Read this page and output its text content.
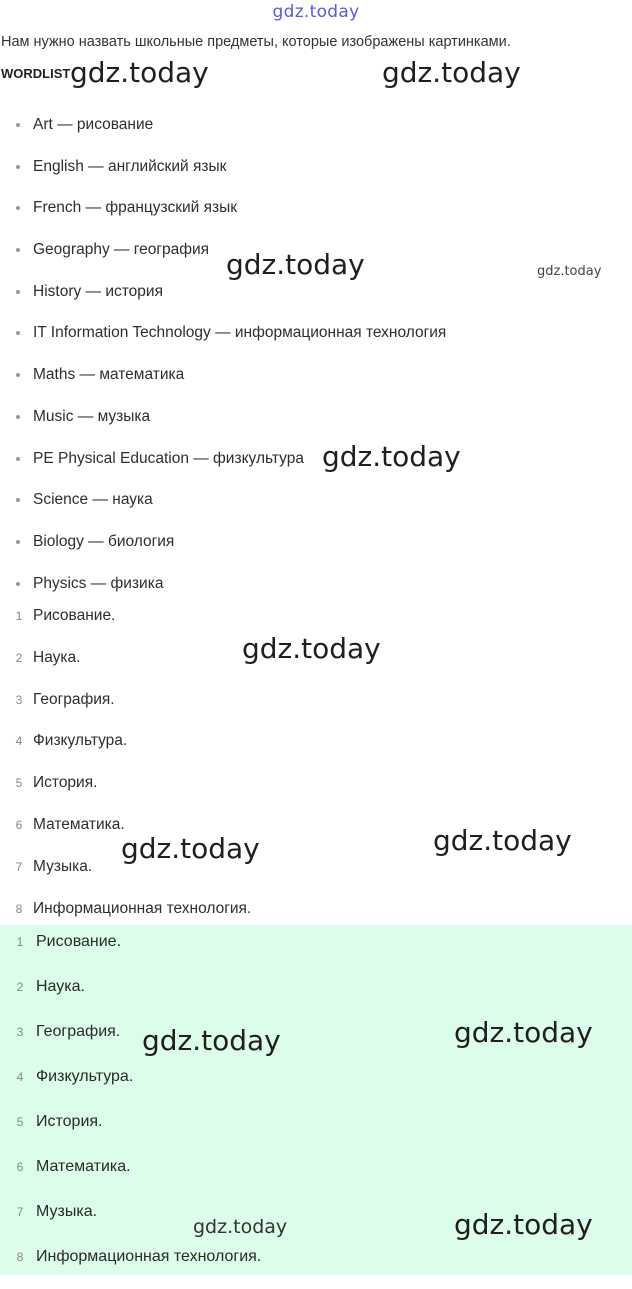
gdz.today
Нам нужно назвать школьные предметы, которые изображены картинками.
WORDLIST
Art — рисование
English — английский язык
French — французский язык
Geography — география
History — история
IT Information Technology — информационная технология
Maths — математика
Music — музыка
PE Physical Education — физкультура
Science — наука
Biology — биология
Physics — физика
1 Рисование.
2 Наука.
3 География.
4 Физкультура.
5 История.
6 Математика.
7 Музыка.
8 Информационная технология.
1 Рисование.
2 Наука.
3 География.
4 Физкультура.
5 История.
6 Математика.
7 Музыка.
8 Информационная технология.
gdz.today	gdz.today
gdz.today	gdz.today
gdz.today
gdz.today
gdz.today
gdz.today
gdz.today
gdz.today
gdz.today	gdz.today
